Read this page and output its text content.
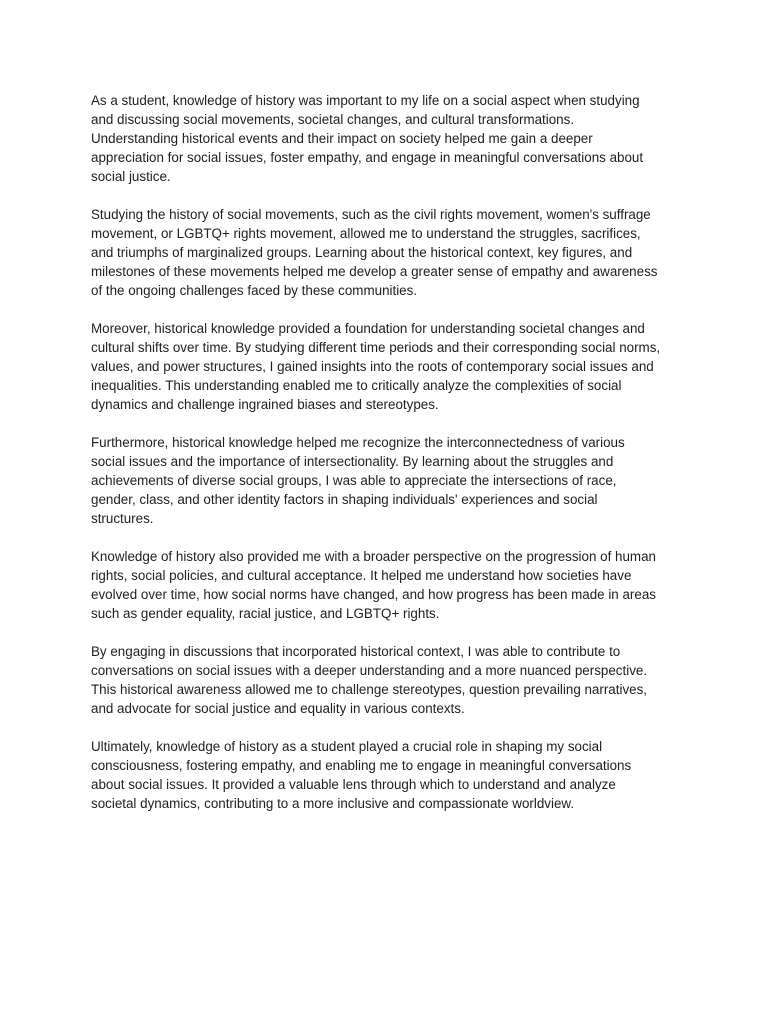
As a student, knowledge of history was important to my life on a social aspect when studying
and discussing social movements, societal changes, and cultural transformations.
Understanding historical events and their impact on society helped me gain a deeper
appreciation for social issues, foster empathy, and engage in meaningful conversations about
social justice.

Studying the history of social movements, such as the civil rights movement, women's suffrage
movement, or LGBTQ+ rights movement, allowed me to understand the struggles, sacrifices,
and triumphs of marginalized groups. Learning about the historical context, key figures, and
milestones of these movements helped me develop a greater sense of empathy and awareness
of the ongoing challenges faced by these communities.

Moreover, historical knowledge provided a foundation for understanding societal changes and
cultural shifts over time. By studying different time periods and their corresponding social norms,
values, and power structures, I gained insights into the roots of contemporary social issues and
inequalities. This understanding enabled me to critically analyze the complexities of social
dynamics and challenge ingrained biases and stereotypes.

Furthermore, historical knowledge helped me recognize the interconnectedness of various
social issues and the importance of intersectionality. By learning about the struggles and
achievements of diverse social groups, I was able to appreciate the intersections of race,
gender, class, and other identity factors in shaping individuals' experiences and social
structures.

Knowledge of history also provided me with a broader perspective on the progression of human
rights, social policies, and cultural acceptance. It helped me understand how societies have
evolved over time, how social norms have changed, and how progress has been made in areas
such as gender equality, racial justice, and LGBTQ+ rights.

By engaging in discussions that incorporated historical context, I was able to contribute to
conversations on social issues with a deeper understanding and a more nuanced perspective.
This historical awareness allowed me to challenge stereotypes, question prevailing narratives,
and advocate for social justice and equality in various contexts.

Ultimately, knowledge of history as a student played a crucial role in shaping my social
consciousness, fostering empathy, and enabling me to engage in meaningful conversations
about social issues. It provided a valuable lens through which to understand and analyze
societal dynamics, contributing to a more inclusive and compassionate worldview.
